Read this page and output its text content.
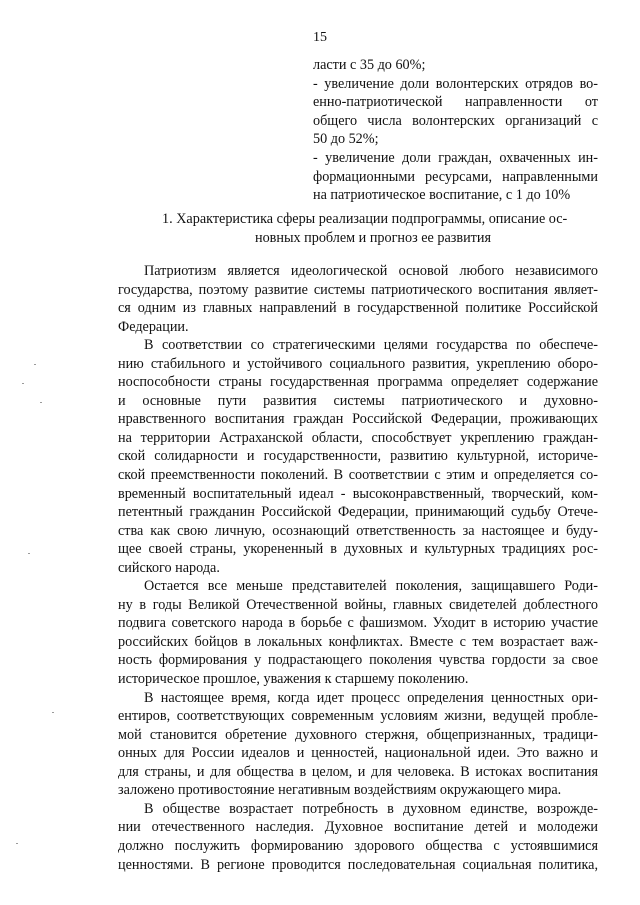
15
ласти с 35 до 60%;
- увеличение доли волонтерских отрядов во-
енно-патриотической направленности от
общего числа волонтерских организаций с
50 до 52%;
- увеличение доли граждан, охваченных ин-
формационными ресурсами, направленными
на патриотическое воспитание, с 1 до 10%
1. Характеристика сферы реализации подпрограммы, описание ос-
новных проблем и прогноз ее развития
Патриотизм является идеологической основой любого независимого
государства, поэтому развитие системы патриотического воспитания являет-
ся одним из главных направлений в государственной политике Российской
Федерации.
В соответствии со стратегическими целями государства по обеспече-
нию стабильного и устойчивого социального развития, укреплению оборо-
носпособности страны государственная программа определяет содержание
и основные пути развития системы патриотического и духовно-
нравственного воспитания граждан Российской Федерации, проживающих
на территории Астраханской области, способствует укреплению граждан-
ской солидарности и государственности, развитию культурной, историче-
ской преемственности поколений. В соответствии с этим и определяется со-
временный воспитательный идеал - высоконравственный, творческий, ком-
петентный гражданин Российской Федерации, принимающий судьбу Отече-
ства как свою личную, осознающий ответственность за настоящее и буду-
щее своей страны, укорененный в духовных и культурных традициях рос-
сийского народа.
Остается все меньше представителей поколения, защищавшего Роди-
ну в годы Великой Отечественной войны, главных свидетелей доблестного
подвига советского народа в борьбе с фашизмом. Уходит в историю участие
российских бойцов в локальных конфликтах. Вместе с тем возрастает важ-
ность формирования у подрастающего поколения чувства гордости за свое
историческое прошлое, уважения к старшему поколению.
В настоящее время, когда идет процесс определения ценностных ори-
ентиров, соответствующих современным условиям жизни, ведущей пробле-
мой становится обретение духовного стержня, общепризнанных, традици-
онных для России идеалов и ценностей, национальной идеи. Это важно и
для страны, и для общества в целом, и для человека. В истоках воспитания
заложено противостояние негативным воздействиям окружающего мира.
В обществе возрастает потребность в духовном единстве, возрожде-
нии отечественного наследия. Духовное воспитание детей и молодежи
должно послужить формированию здорового общества с устоявшимися
ценностями. В регионе проводится последовательная социальная политика,
